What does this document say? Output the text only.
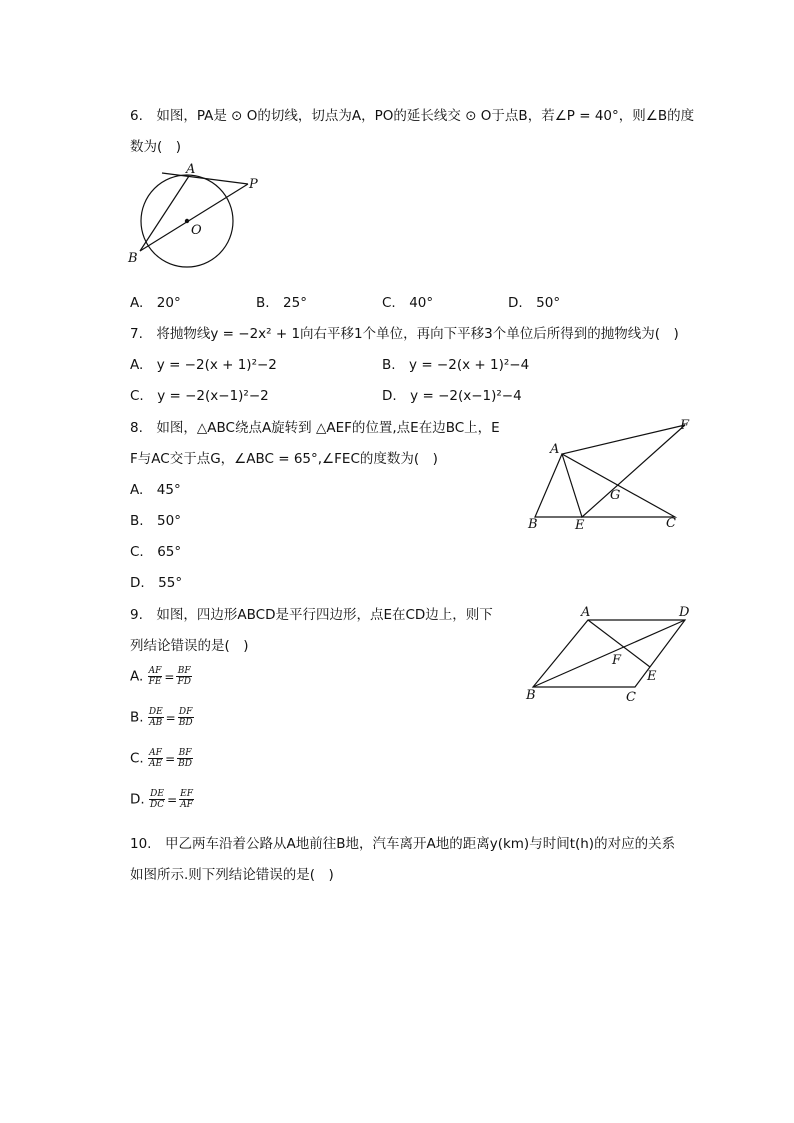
6.　如图，PA是 ⊙ O的切线，切点为A，PO的延长线交 ⊙ O于点B，若∠P = 40°，则∠B的度
数为(　)
A
P
O
B
A.　20°	B.　25°	C.　40°	D.　50°
7.　将抛物线y = −2x² + 1向右平移1个单位，再向下平移3个单位后所得到的抛物线为(　)
A.　y = −2(x + 1)²−2	B.　y = −2(x + 1)²−4
C.　y = −2(x−1)²−2	D.　y = −2(x−1)²−4
8.　如图，△ABC绕点A旋转到 △AEF的位置,点E在边BC上，E
F与AC交于点G，∠ABC = 65°,∠FEC的度数为(　)
A.　45°
B.　50°
C.　65°
D.　55°
A
B	E	C
F
G
9.　如图，四边形ABCD是平行四边形，点E在CD边上，则下
列结论错误的是(　)
A. $\frac{AF}{FE} = \frac{BF}{FD}$
B. $\frac{DE}{AB} = \frac{DF}{BD}$
C. $\frac{AF}{AE} = \frac{BF}{BD}$
D. $\frac{DE}{DC} = \frac{EF}{AF}$
A	D
B	C
E
F
10.　甲乙两车沿着公路从A地前往B地，汽车离开A地的距离y(km)与时间t(h)的对应的关系
如图所示.则下列结论错误的是(　)
